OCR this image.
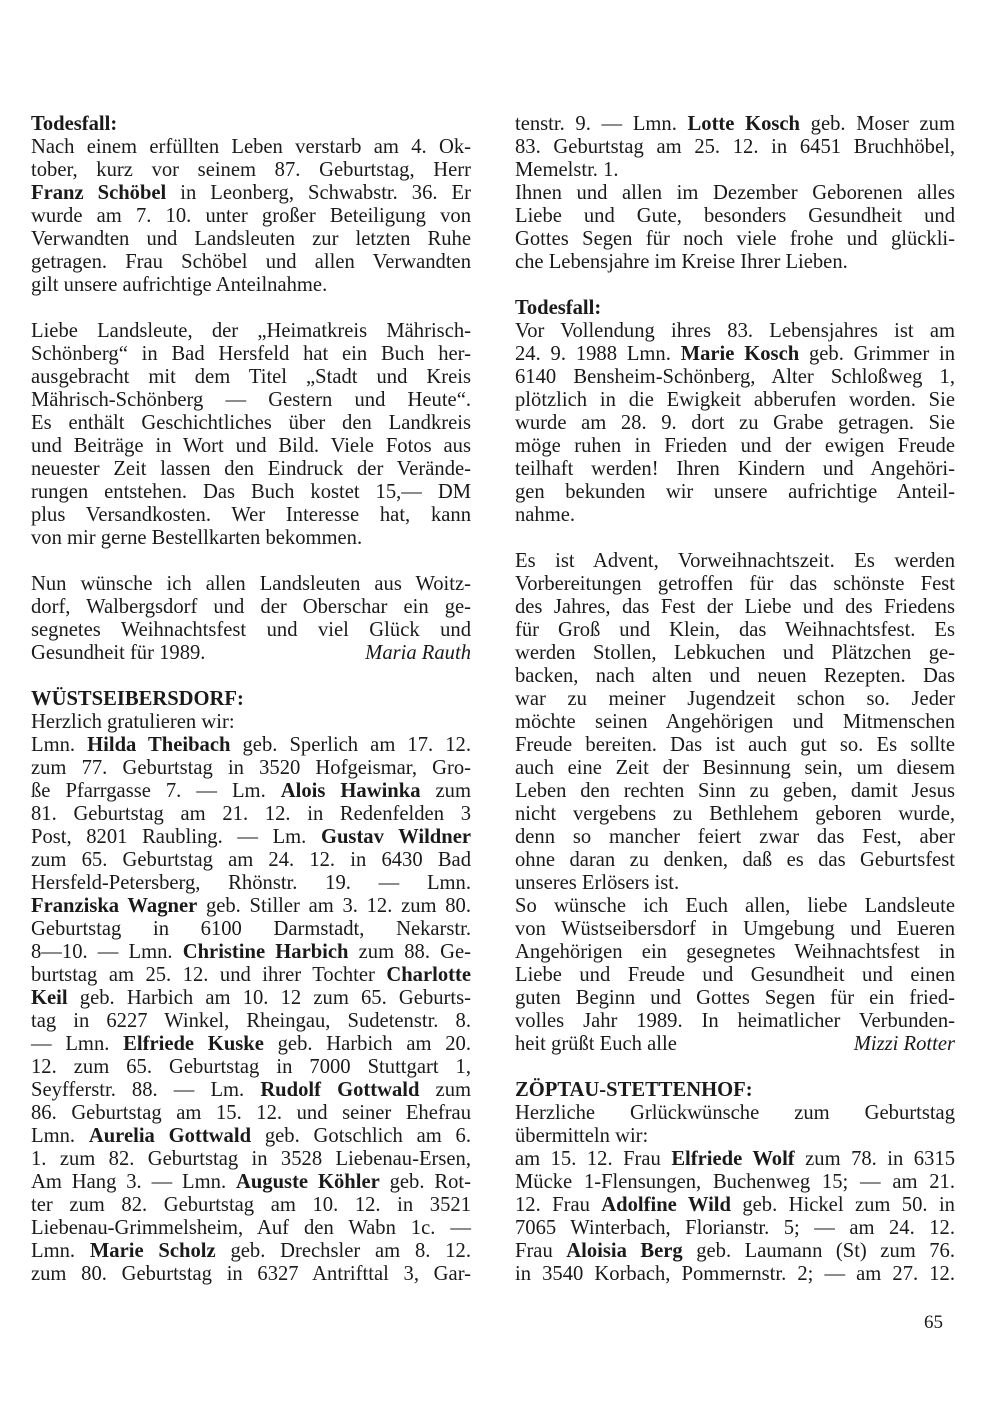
Todesfall:
Nach einem erfüllten Leben verstarb am 4. Ok-
tober, kurz vor seinem 87. Geburtstag, Herr
Franz Schöbel in Leonberg, Schwabstr. 36. Er
wurde am 7. 10. unter großer Beteiligung von
Verwandten und Landsleuten zur letzten Ruhe
getragen. Frau Schöbel und allen Verwandten
gilt unsere aufrichtige Anteilnahme.
Liebe Landsleute, der „Heimatkreis Mährisch-
Schönberg“ in Bad Hersfeld hat ein Buch her-
ausgebracht mit dem Titel „Stadt und Kreis
Mährisch-Schönberg — Gestern und Heute“.
Es enthält Geschichtliches über den Landkreis
und Beiträge in Wort und Bild. Viele Fotos aus
neuester Zeit lassen den Eindruck der Verände-
rungen entstehen. Das Buch kostet 15,— DM
plus Versandkosten. Wer Interesse hat, kann
von mir gerne Bestellkarten bekommen.
Nun wünsche ich allen Landsleuten aus Woitz-
dorf, Walbergsdorf und der Oberschar ein ge-
segnetes Weihnachtsfest und viel Glück und
Gesundheit für 1989.	Maria Rauth
WÜSTSEIBERSDORF:
Herzlich gratulieren wir:
Lmn. Hilda Theibach geb. Sperlich am 17. 12.
zum 77. Geburtstag in 3520 Hofgeismar, Gro-
ße Pfarrgasse 7. — Lm. Alois Hawinka zum
81. Geburtstag am 21. 12. in Redenfelden 3
Post, 8201 Raubling. — Lm. Gustav Wildner
zum 65. Geburtstag am 24. 12. in 6430 Bad
Hersfeld-Petersberg, Rhönstr. 19. — Lmn.
Franziska Wagner geb. Stiller am 3. 12. zum 80.
Geburtstag in 6100 Darmstadt, Nekarstr.
8—10. — Lmn. Christine Harbich zum 88. Ge-
burtstag am 25. 12. und ihrer Tochter Charlotte
Keil geb. Harbich am 10. 12 zum 65. Geburts-
tag in 6227 Winkel, Rheingau, Sudetenstr. 8.
— Lmn. Elfriede Kuske geb. Harbich am 20.
12. zum 65. Geburtstag in 7000 Stuttgart 1,
Seyfferstr. 88. — Lm. Rudolf Gottwald zum
86. Geburtstag am 15. 12. und seiner Ehefrau
Lmn. Aurelia Gottwald geb. Gotschlich am 6.
1. zum 82. Geburtstag in 3528 Liebenau-Ersen,
Am Hang 3. — Lmn. Auguste Köhler geb. Rot-
ter zum 82. Geburtstag am 10. 12. in 3521
Liebenau-Grimmelsheim, Auf den Wabn 1c. —
Lmn. Marie Scholz geb. Drechsler am 8. 12.
zum 80. Geburtstag in 6327 Antrifttal 3, Gar-
tenstr. 9. — Lmn. Lotte Kosch geb. Moser zum
83. Geburtstag am 25. 12. in 6451 Bruchhöbel,
Memelstr. 1.
Ihnen und allen im Dezember Geborenen alles
Liebe und Gute, besonders Gesundheit und
Gottes Segen für noch viele frohe und glückli-
che Lebensjahre im Kreise Ihrer Lieben.
Todesfall:
Vor Vollendung ihres 83. Lebensjahres ist am
24. 9. 1988 Lmn. Marie Kosch geb. Grimmer in
6140 Bensheim-Schönberg, Alter Schloßweg 1,
plötzlich in die Ewigkeit abberufen worden. Sie
wurde am 28. 9. dort zu Grabe getragen. Sie
möge ruhen in Frieden und der ewigen Freude
teilhaft werden! Ihren Kindern und Angehöri-
gen bekunden wir unsere aufrichtige Anteil-
nahme.
Es ist Advent, Vorweihnachtszeit. Es werden
Vorbereitungen getroffen für das schönste Fest
des Jahres, das Fest der Liebe und des Friedens
für Groß und Klein, das Weihnachtsfest. Es
werden Stollen, Lebkuchen und Plätzchen ge-
backen, nach alten und neuen Rezepten. Das
war zu meiner Jugendzeit schon so. Jeder
möchte seinen Angehörigen und Mitmenschen
Freude bereiten. Das ist auch gut so. Es sollte
auch eine Zeit der Besinnung sein, um diesem
Leben den rechten Sinn zu geben, damit Jesus
nicht vergebens zu Bethlehem geboren wurde,
denn so mancher feiert zwar das Fest, aber
ohne daran zu denken, daß es das Geburtsfest
unseres Erlösers ist.
So wünsche ich Euch allen, liebe Landsleute
von Wüstseibersdorf in Umgebung und Eueren
Angehörigen ein gesegnetes Weihnachtsfest in
Liebe und Freude und Gesundheit und einen
guten Beginn und Gottes Segen für ein fried-
volles Jahr 1989. In heimatlicher Verbunden-
heit grüßt Euch alle	Mizzi Rotter
ZÖPTAU-STETTENHOF:
Herzliche Grlückwünsche zum Geburtstag
übermitteln wir:
am 15. 12. Frau Elfriede Wolf zum 78. in 6315
Mücke 1-Flensungen, Buchenweg 15; — am 21.
12. Frau Adolfine Wild geb. Hickel zum 50. in
7065 Winterbach, Florianstr. 5; — am 24. 12.
Frau Aloisia Berg geb. Laumann (St) zum 76.
in 3540 Korbach, Pommernstr. 2; — am 27. 12.
65
